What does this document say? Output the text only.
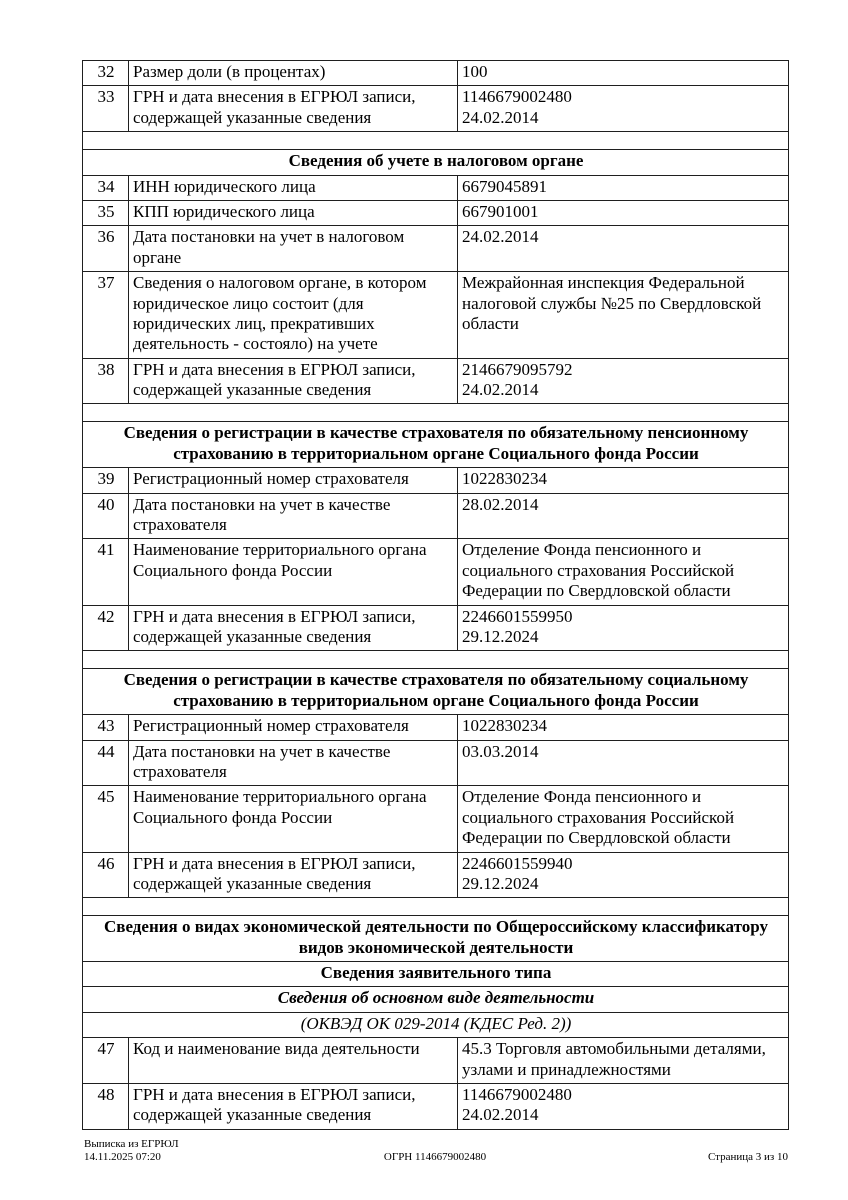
32	Размер доли (в процентах)	100

33	ГРН и дата внесения в ЕГРЮЛ записи, содержащей указанные сведения	1146679002480
24.02.2014

Сведения об учете в налоговом органе		
34	ИНН юридического лица	6679045891

35	КПП юридического лица	667901001

36	Дата постановки на учет в налоговом органе	24.02.2014

37	Сведения о налоговом органе, в котором юридическое лицо состоит (для юридических лиц, прекративших деятельность - состояло) на учете	Межрайонная инспекция Федеральной налоговой службы №25 по Свердловской области

38	ГРН и дата внесения в ЕГРЮЛ записи, содержащей указанные сведения	2146679095792
24.02.2014

Сведения о регистрации в качестве страхователя по обязательному пенсионному страхованию в территориальном органе Социального фонда России		
39	Регистрационный номер страхователя	1022830234

40	Дата постановки на учет в качестве страхователя	28.02.2014

41	Наименование территориального органа Социального фонда России	Отделение Фонда пенсионного и социального страхования Российской Федерации по Свердловской области

42	ГРН и дата внесения в ЕГРЮЛ записи, содержащей указанные сведения	2246601559950
29.12.2024

Сведения о регистрации в качестве страхователя по обязательному социальному страхованию в территориальном органе Социального фонда России		
43	Регистрационный номер страхователя	1022830234

44	Дата постановки на учет в качестве страхователя	03.03.2014

45	Наименование территориального органа Социального фонда России	Отделение Фонда пенсионного и социального страхования Российской Федерации по Свердловской области

46	ГРН и дата внесения в ЕГРЮЛ записи, содержащей указанные сведения	2246601559940
29.12.2024

Сведения о видах экономической деятельности по Общероссийскому классификатору видов экономической деятельности		
Сведения заявительного типа		
Сведения об основном виде деятельности		
(ОКВЭД ОК 029-2014 (КДЕС Ред. 2))		
47	Код и наименование вида деятельности	45.3 Торговля автомобильными деталями, узлами и принадлежностями

48	ГРН и дата внесения в ЕГРЮЛ записи, содержащей указанные сведения	1146679002480
24.02.2014
Выписка из ЕГРЮЛ
14.11.2025 07:20	ОГРН 1146679002480	Страница 3 из 10
